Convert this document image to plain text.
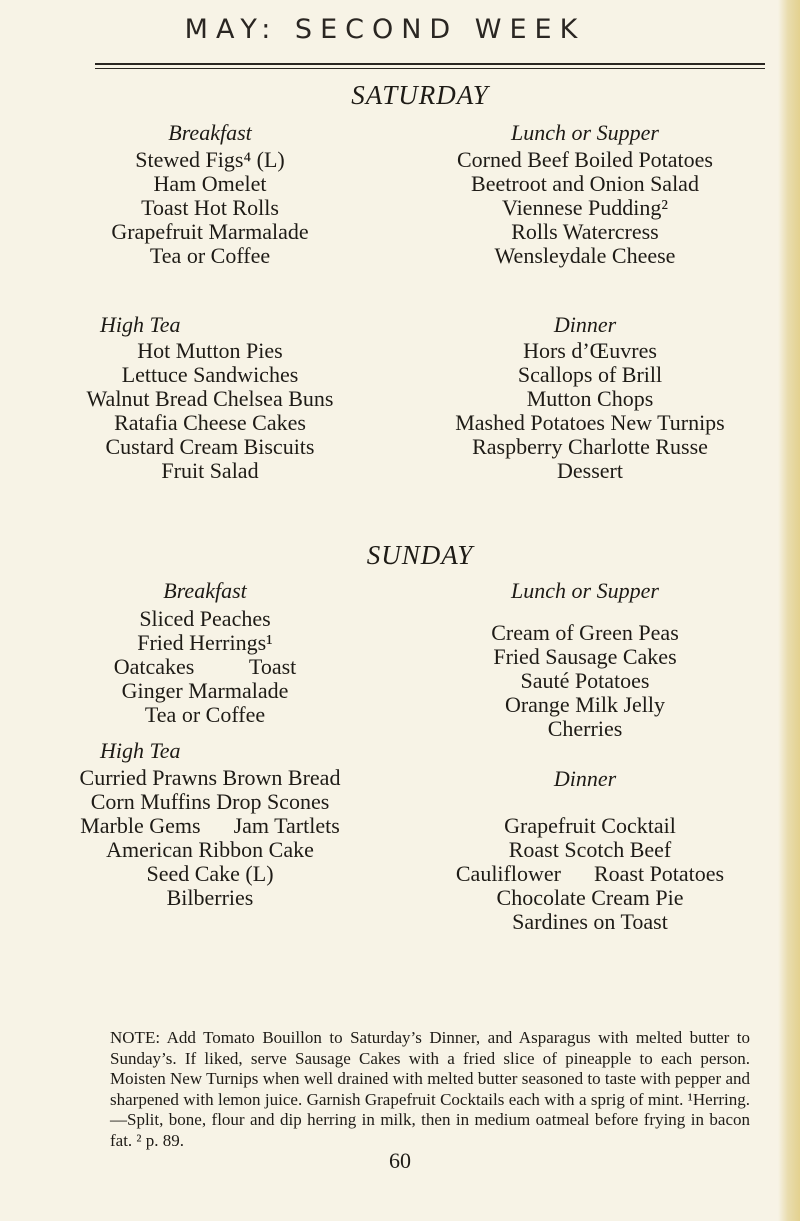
MAY: SECOND WEEK
SATURDAY
Breakfast
Stewed Figs⁴ (L)
Ham Omelet
Toast Hot Rolls
Grapefruit Marmalade
Tea or Coffee
Lunch or Supper
Corned Beef Boiled Potatoes
Beetroot and Onion Salad
Viennese Pudding²
Rolls Watercress
Wensleydale Cheese
High Tea
Hot Mutton Pies
Lettuce Sandwiches
Walnut Bread Chelsea Buns
Ratafia Cheese Cakes
Custard Cream Biscuits
Fruit Salad
Dinner
Hors d’Œuvres
Scallops of Brill
Mutton Chops
Mashed Potatoes New Turnips
Raspberry Charlotte Russe
Dessert
SUNDAY
Breakfast
Sliced Peaches
Fried Herrings¹
Oatcakes          Toast
Ginger Marmalade
Tea or Coffee
Lunch or Supper
Cream of Green Peas
Fried Sausage Cakes
Sauté Potatoes
Orange Milk Jelly
Cherries
High Tea
Curried Prawns Brown Bread
Corn Muffins Drop Scones
Marble Gems      Jam Tartlets
American Ribbon Cake
Seed Cake (L)
Bilberries
Dinner
Grapefruit Cocktail
Roast Scotch Beef
Cauliflower      Roast Potatoes
Chocolate Cream Pie
Sardines on Toast
NOTE: Add Tomato Bouillon to Saturday’s Dinner, and Asparagus with melted butter to Sunday’s. If liked, serve Sausage Cakes with a fried slice of pineapple to each person. Moisten New Turnips when well drained with melted butter seasoned to taste with pepper and sharpened with lemon juice. Garnish Grapefruit Cocktails each with a sprig of mint. ¹Herring.—Split, bone, flour and dip herring in milk, then in medium oatmeal before frying in bacon fat. ² p. 89.
60
